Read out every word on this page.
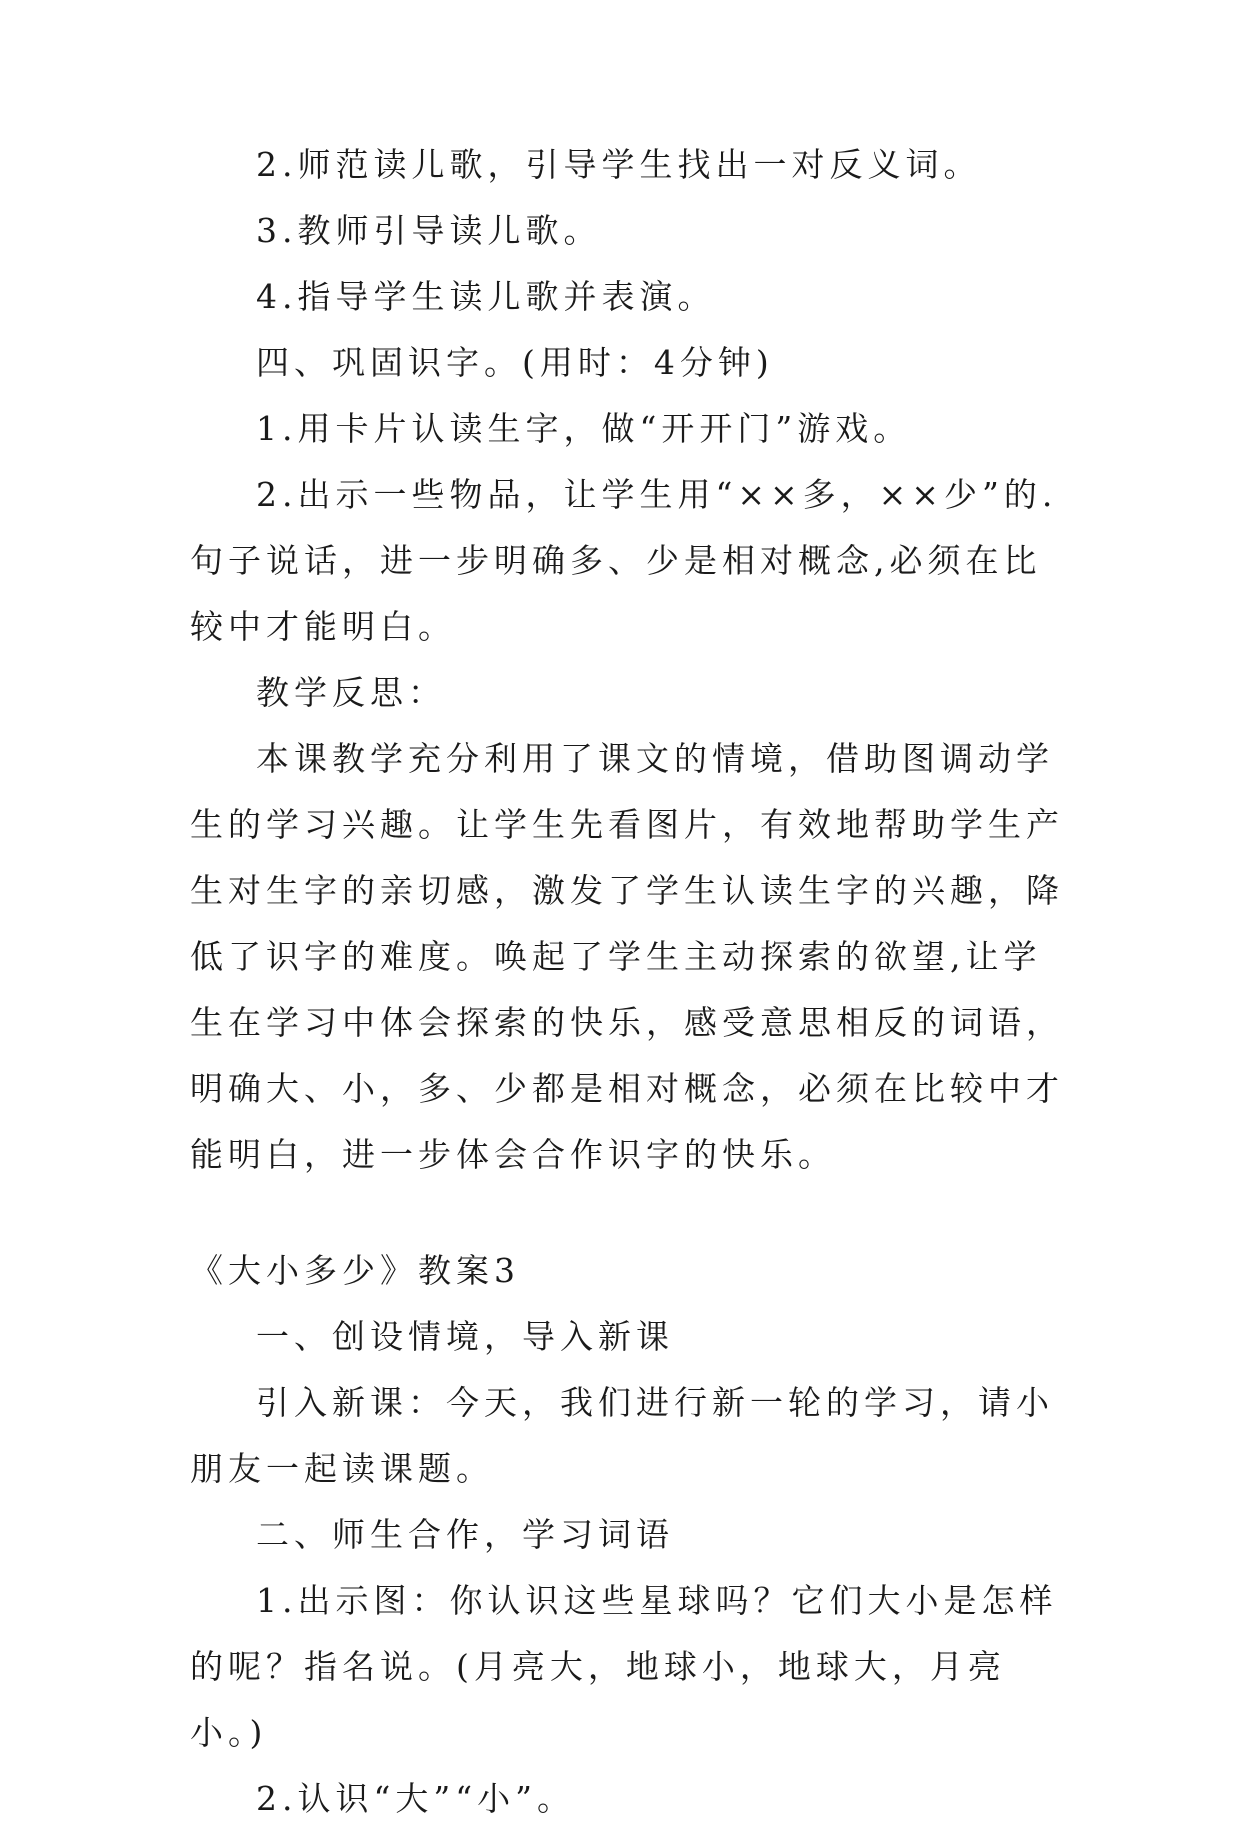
2.师范读儿歌，引导学生找出一对反义词。

3.教师引导读儿歌。

4.指导学生读儿歌并表演。

四、巩固识字。(用时：4分钟)

1.用卡片认读生字，做“开开门”游戏。

2.出示一些物品，让学生用“××多，××少”的.句子说话，进一步明确多、少是相对概念,必须在比较中才能明白。

教学反思：

本课教学充分利用了课文的情境，借助图调动学生的学习兴趣。让学生先看图片，有效地帮助学生产生对生字的亲切感，激发了学生认读生字的兴趣，降低了识字的难度。唤起了学生主动探索的欲望,让学生在学习中体会探索的快乐，感受意思相反的词语，明确大、小，多、少都是相对概念，必须在比较中才能明白，进一步体会合作识字的快乐。

《大小多少》教案3

一、创设情境，导入新课

引入新课：今天，我们进行新一轮的学习，请小朋友一起读课题。

二、师生合作，学习词语

1.出示图：你认识这些星球吗？它们大小是怎样的呢？指名说。(月亮大，地球小，地球大，月亮小。)

2.认识“大”“小”。
